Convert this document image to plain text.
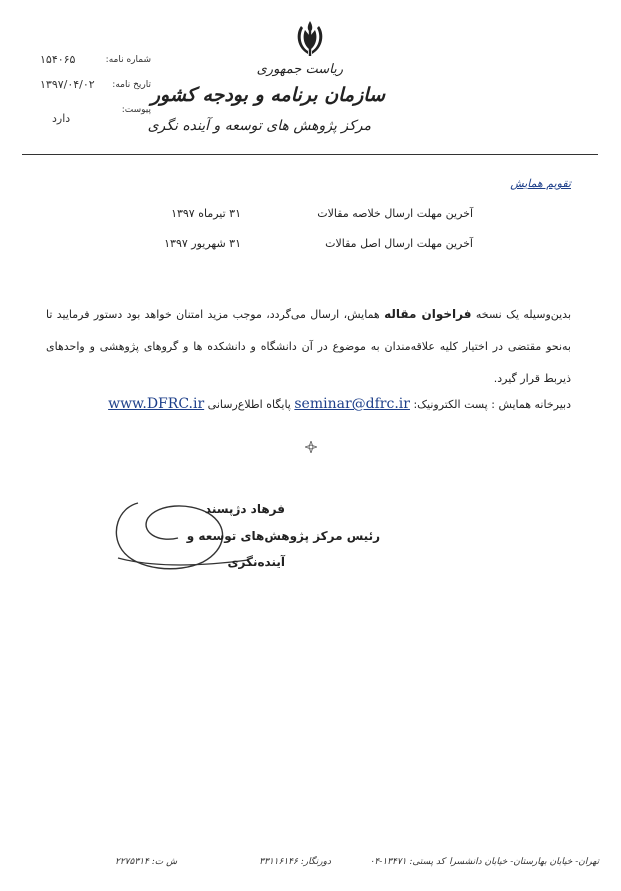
ریاست جمهوری
سازمان برنامه و بودجه کشور
مرکز پژوهش های توسعه و آینده نگری
شماره نامه:
۱۵۴۰۶۵
تاریخ نامه:
۱۳۹۷/۰۴/۰۲
پیوست:
دارد
تقویم همایش
آخرین مهلت ارسال خلاصه مقالات
۳۱ تیرماه ۱۳۹۷
آخرین مهلت ارسال اصل مقالات
۳۱ شهریور ۱۳۹۷
بدین‌وسیله یک نسخه فراخوان مقاله همایش، ارسال می‌گردد، موجب مزید امتنان خواهد بود دستور فرمایید تا به‌نحو مقتضی در اختیار کلیه علاقه‌مندان به موضوع در آن دانشگاه و دانشکده ها و گروهای پژوهشی و واحدهای ذیربط قرار گیرد.
دبیرخانه همایش : پست الکترونیک: seminar@dfrc.ir پایگاه اطلاع‌رسانی www.DFRC.ir
فرهاد دژپسند
رئیس مرکز پژوهش‌های توسعه و
آینده‌نگری
تهران- خیابان بهارستان- خیابان دانشسرا
کد پستی: ۱۳۴۷۱-۰۴
دورنگار: ۳۳۱۱۶۱۴۶
ش ت: ۲۲۷۵۳۱۴
